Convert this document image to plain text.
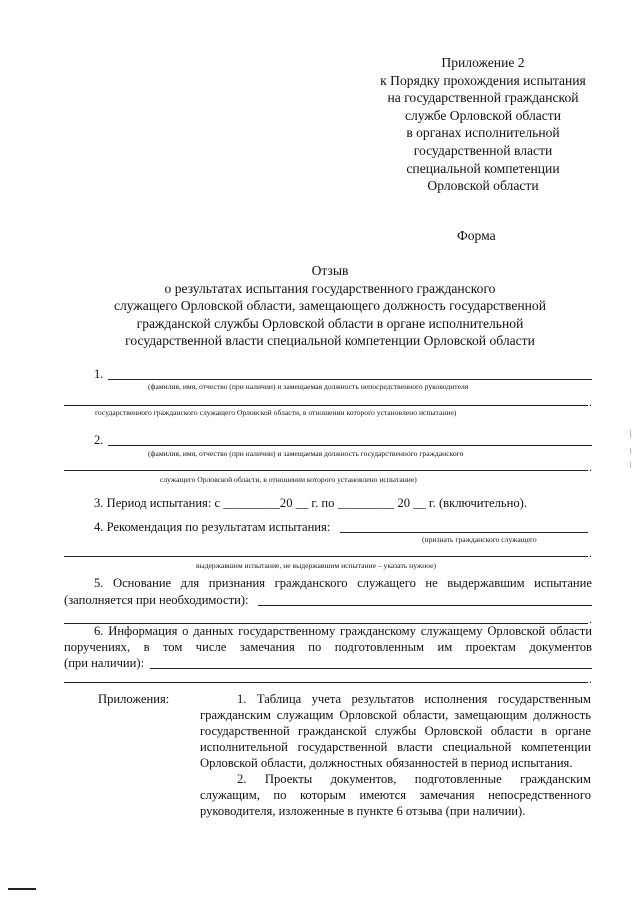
Приложение 2
к Порядку прохождения испытания
на государственной гражданской
службе Орловской области
в органах исполнительной
государственной власти
специальной компетенции
Орловской области
Форма
Отзыв
о результатах испытания государственного гражданского
служащего Орловской области, замещающего должность государственной
гражданской службы Орловской области в органе исполнительной
государственной власти специальной компетенции Орловской области
1.
(фамилия, имя, отчество (при наличии) и замещаемая должность непосредственного руководителя
.
государственного гражданского служащего Орловской области, в отношении которого установлено испытание)
2.
(фамилия, имя, отчество (при наличии) и замещаемая должность государственного гражданского
.
служащего Орловской области, в отношении которого установлено испытание)
3. Период испытания: с _________20 __ г. по _________ 20 __ г. (включительно).
4. Рекомендация по результатам испытания:
(признать гражданского служащего
.
выдержавшим испытание, не выдержавшим испытание – указать нужное)
5. Основание для признания гражданского служащего не выдержавшим испытание
(заполняется при необходимости):
.
6. Информация о данных государственному гражданскому служащему Орловской области
поручениях, в том числе замечания по подготовленным им проектам документов
(при наличии):
.
Приложения:	1. Таблица учета результатов исполнения государственным
гражданским служащим Орловской области, замещающим должность
государственной гражданской службы Орловской области в органе
исполнительной государственной власти специальной компетенции
Орловской области, должностных обязанностей в период испытания.
2. Проекты документов, подготовленные гражданским
служащим, по которым имеются замечания непосредственного
руководителя, изложенные в пункте 6 отзыва (при наличии).
